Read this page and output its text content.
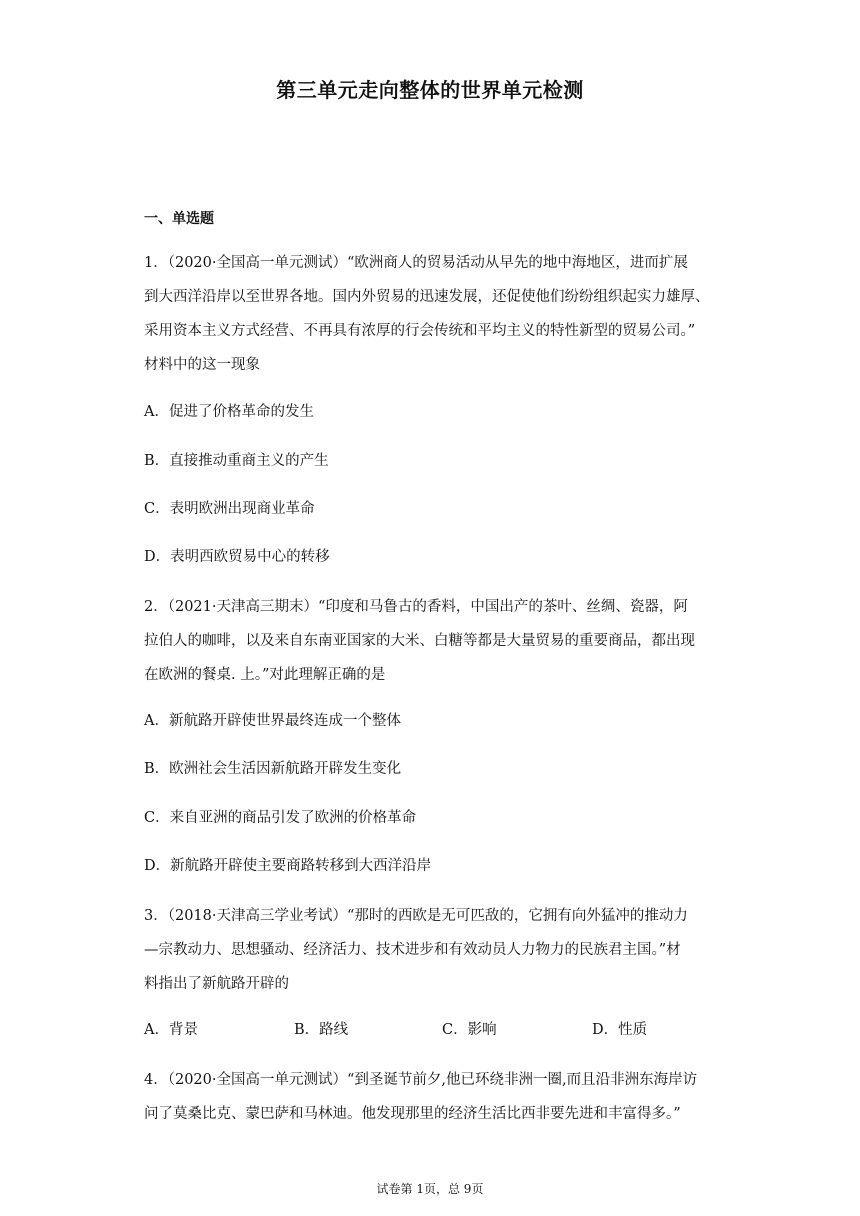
第三单元走向整体的世界单元检测
一、单选题
1．（2020·全国高一单元测试）“欧洲商人的贸易活动从早先的地中海地区，进而扩展
到大西洋沿岸以至世界各地。国内外贸易的迅速发展，还促使他们纷纷组织起实力雄厚、
采用资本主义方式经营、不再具有浓厚的行会传统和平均主义的特性新型的贸易公司。”
材料中的这一现象
A．促进了价格革命的发生
B．直接推动重商主义的产生
C．表明欧洲出现商业革命
D．表明西欧贸易中心的转移
2．（2021·天津高三期末）“印度和马鲁古的香料，中国出产的茶叶、丝绸、瓷器，阿
拉伯人的咖啡，以及来自东南亚国家的大米、白糖等都是大量贸易的重要商品，都出现
在欧洲的餐桌. 上。”对此理解正确的是
A．新航路开辟使世界最终连成一个整体
B．欧洲社会生活因新航路开辟发生变化
C．来自亚洲的商品引发了欧洲的价格革命
D．新航路开辟使主要商路转移到大西洋沿岸
3．（2018·天津高三学业考试）“那时的西欧是无可匹敌的，它拥有向外猛冲的推动力
—宗教动力、思想骚动、经济活力、技术进步和有效动员人力物力的民族君主国。”材
料指出了新航路开辟的
A．背景	B．路线	C．影响	D．性质
4．（2020·全国高一单元测试）“到圣诞节前夕,他已环绕非洲一圈,而且沿非洲东海岸访
问了莫桑比克、蒙巴萨和马林迪。他发现那里的经济生活比西非要先进和丰富得多。”
试卷第 1页，总 9页
